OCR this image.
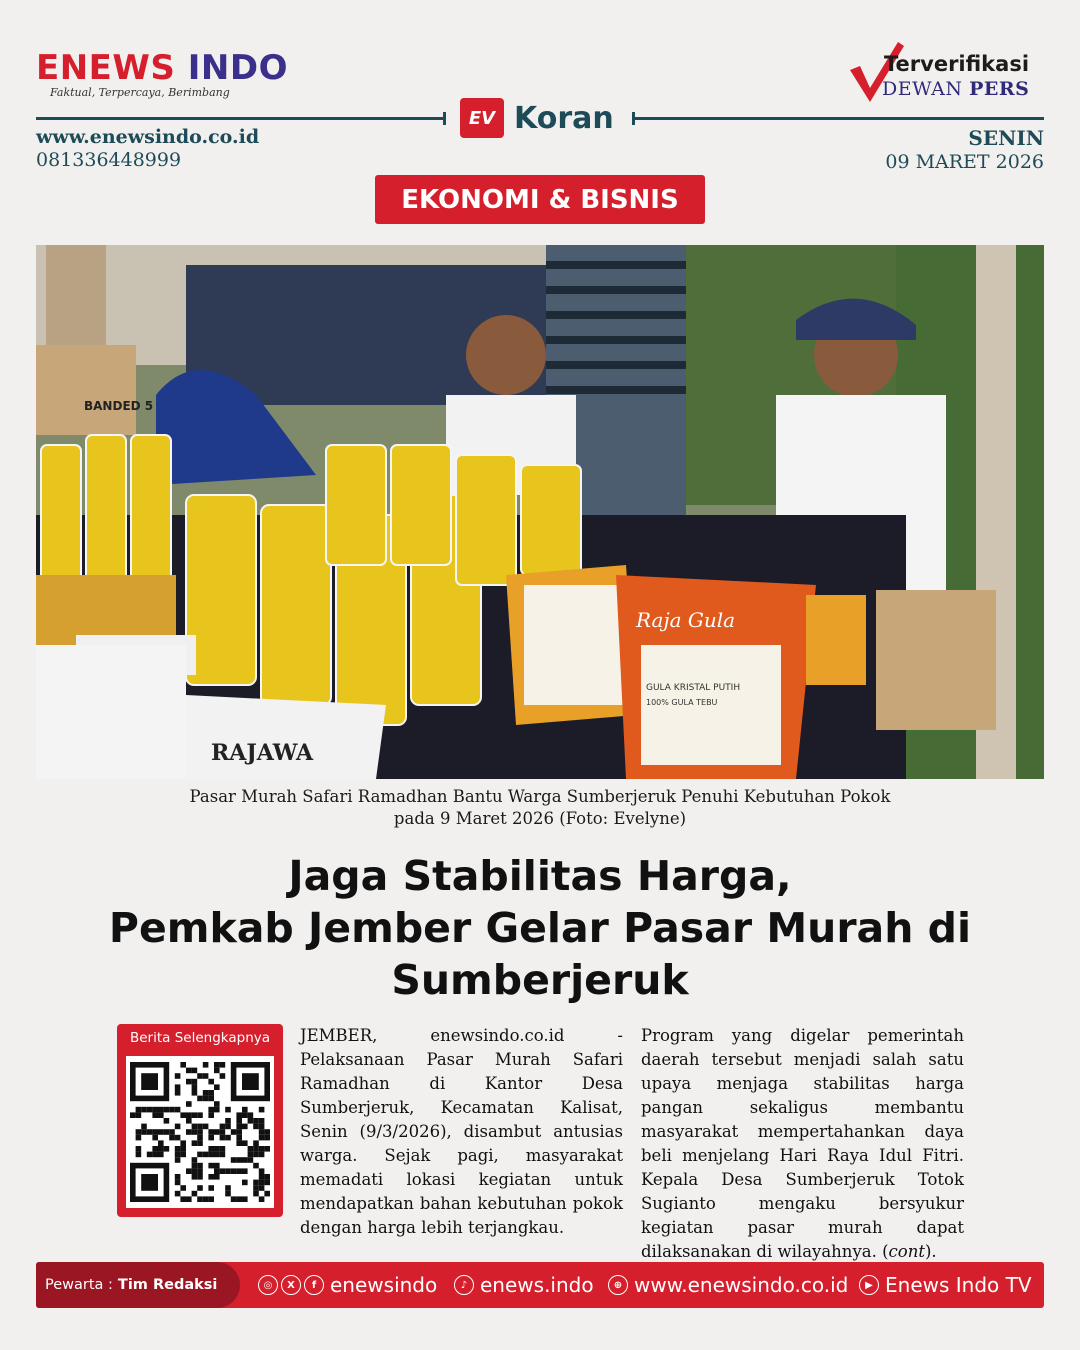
ENEWS INDO
Faktual, Terpercaya, Berimbang
Terverifikasi
DEWAN PERS
EV Koran
www.enewsindo.co.id
081336448999
SENIN
09 MARET 2026
EKONOMI & BISNIS
BANDED 5
Raja Gula
GULA KRISTAL PUTIH
100% GULA TEBU
RAJAWA
Pasar Murah Safari Ramadhan Bantu Warga Sumberjeruk Penuhi Kebutuhan Pokok
pada 9 Maret 2026 (Foto: Evelyne)
Jaga Stabilitas Harga,
Pemkab Jember Gelar Pasar Murah di
Sumberjeruk
Berita Selengkapnya	JEMBER, enewsindo.co.id - Pelaksanaan Pasar Murah Safari Ramadhan di Kantor Desa Sumberjeruk, Kecamatan Kalisat, Senin (9/3/2026), disambut antusias warga. Sejak pagi, masyarakat memadati lokasi kegiatan untuk mendapatkan bahan kebutuhan pokok dengan harga lebih terjangkau.
Program yang digelar pemerintah daerah tersebut menjadi salah satu upaya menjaga stabilitas harga pangan sekaligus membantu masyarakat mempertahankan daya beli menjelang Hari Raya Idul Fitri. Kepala Desa Sumberjeruk Totok Sugianto mengaku bersyukur kegiatan pasar murah dapat dilaksanakan di wilayahnya. (cont).
Pewarta : Tim Redaksi	◎	X	f enewsindo	♪ enews.indo	⊕ www.enewsindo.co.id	▶ Enews Indo TV
